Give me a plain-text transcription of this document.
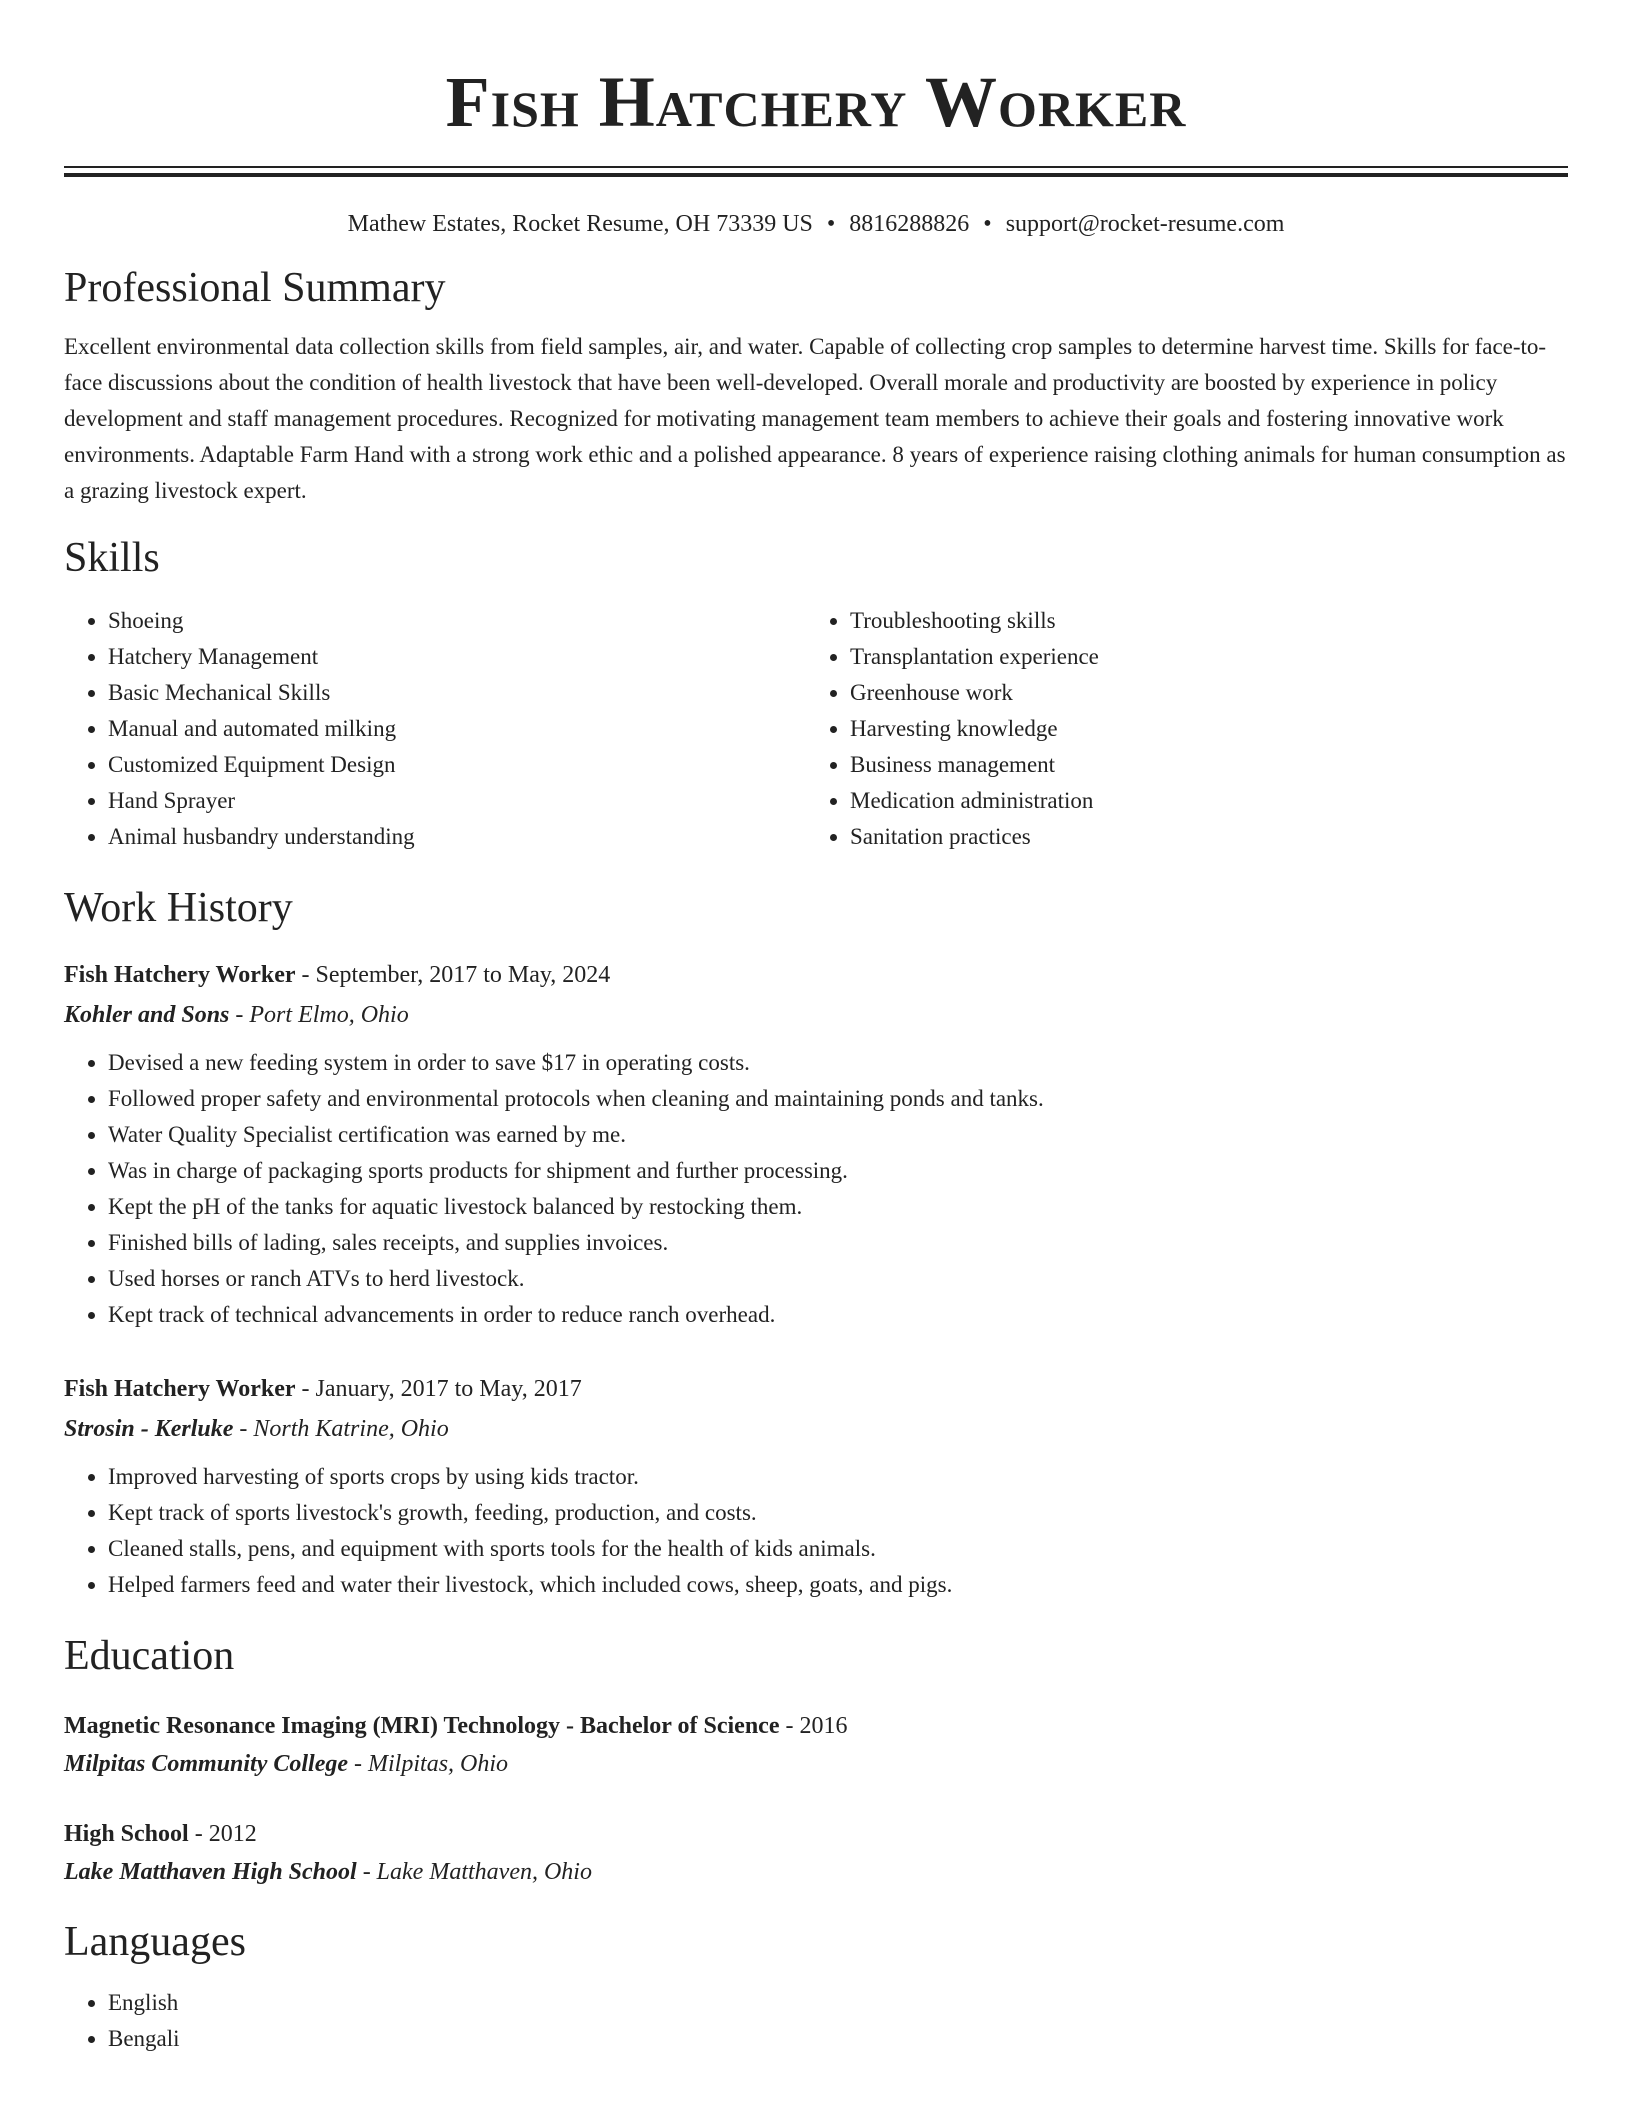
Fish Hatchery Worker
Mathew Estates, Rocket Resume, OH 73339 US • 8816288826 • support@rocket-resume.com
Professional Summary

Excellent environmental data collection skills from field samples, air, and water. Capable of collecting crop samples to determine harvest time. Skills for face-to-face discussions about the condition of health livestock that have been well-developed. Overall morale and productivity are boosted by experience in policy development and staff management procedures. Recognized for motivating management team members to achieve their goals and fostering innovative work environments. Adaptable Farm Hand with a strong work ethic and a polished appearance. 8 years of experience raising clothing animals for human consumption as a grazing livestock expert.

Skills
• Shoeing
• Hatchery Management
• Basic Mechanical Skills
• Manual and automated milking
• Customized Equipment Design
• Hand Sprayer
• Animal husbandry understanding
• Troubleshooting skills
• Transplantation experience
• Greenhouse work
• Harvesting knowledge
• Business management
• Medication administration
• Sanitation practices
Work History
Fish Hatchery Worker - September, 2017 to May, 2024
Kohler and Sons - Port Elmo, Ohio
• Devised a new feeding system in order to save $17 in operating costs.
• Followed proper safety and environmental protocols when cleaning and maintaining ponds and tanks.
• Water Quality Specialist certification was earned by me.
• Was in charge of packaging sports products for shipment and further processing.
• Kept the pH of the tanks for aquatic livestock balanced by restocking them.
• Finished bills of lading, sales receipts, and supplies invoices.
• Used horses or ranch ATVs to herd livestock.
• Kept track of technical advancements in order to reduce ranch overhead.
Fish Hatchery Worker - January, 2017 to May, 2017
Strosin - Kerluke - North Katrine, Ohio
• Improved harvesting of sports crops by using kids tractor.
• Kept track of sports livestock's growth, feeding, production, and costs.
• Cleaned stalls, pens, and equipment with sports tools for the health of kids animals.
• Helped farmers feed and water their livestock, which included cows, sheep, goats, and pigs.
Education
Magnetic Resonance Imaging (MRI) Technology - Bachelor of Science - 2016
Milpitas Community College - Milpitas, Ohio
High School - 2012
Lake Matthaven High School - Lake Matthaven, Ohio
Languages
• English
• Bengali
